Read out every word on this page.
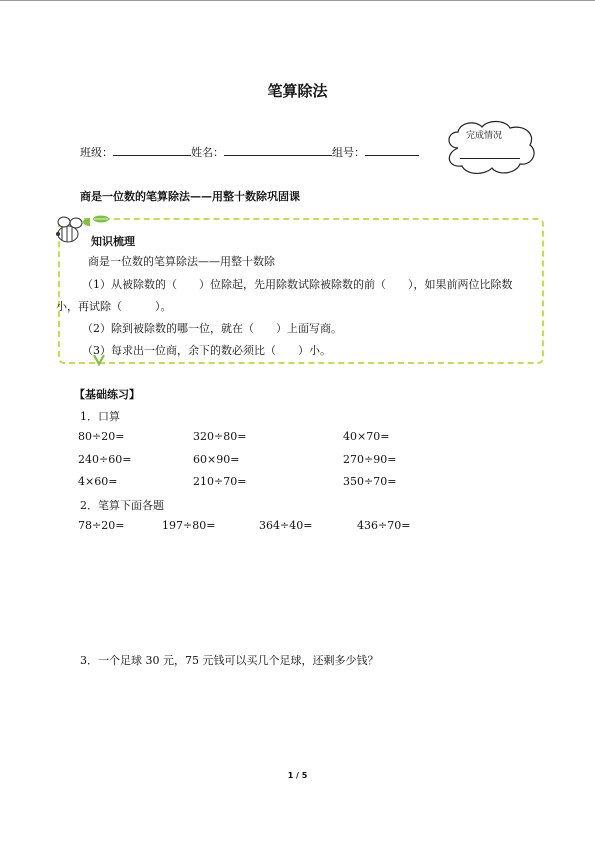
笔算除法
班级：	姓名：	组号：
完成情况
商是一位数的笔算除法——用整十数除巩固课
知识梳理
商是一位数的笔算除法——用整十数除
（1）从被除数的（　　）位除起，先用除数试除被除数的前（　　），如果前两位比除数
小，再试除（　　　）。
（2）除到被除数的哪一位，就在（　　）上面写商。
（3）每求出一位商，余下的数必须比（　　）小。
【基础练习】
1．口算
80÷20=	320÷80=	40×70=
240÷60=	60×90=	270÷90=
4×60=	210÷70=	350÷70=
2．笔算下面各题
78÷20=	197÷80=	364÷40=	436÷70=
3．一个足球 30 元，75 元钱可以买几个足球，还剩多少钱？
1 / 5
